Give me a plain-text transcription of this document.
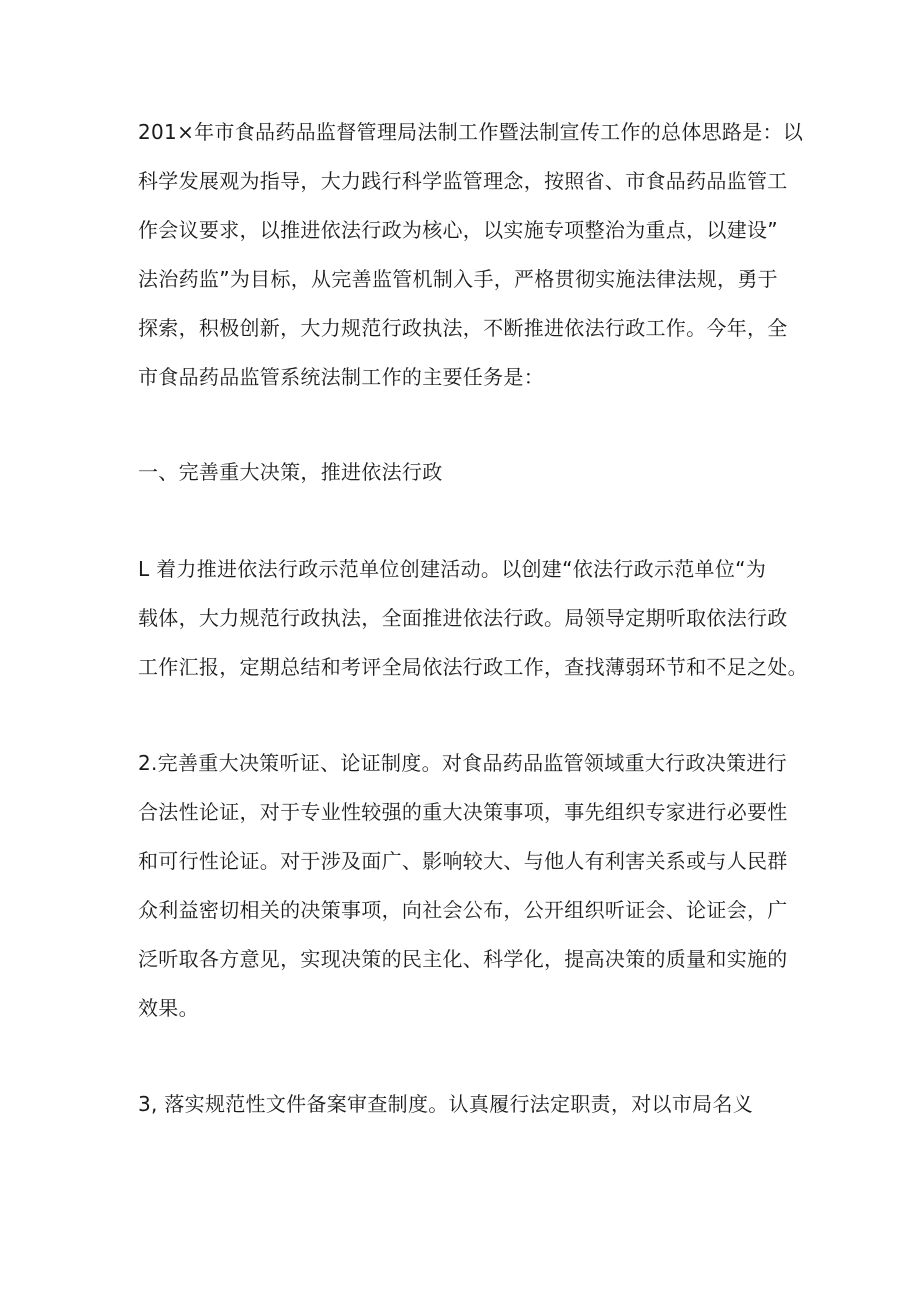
201×年市食品药品监督管理局法制工作暨法制宣传工作的总体思路是：以

科学发展观为指导，大力践行科学监管理念，按照省、市食品药品监管工

作会议要求，以推进依法行政为核心，以实施专项整治为重点，以建设”

法治药监”为目标，从完善监管机制入手，严格贯彻实施法律法规，勇于

探索，积极创新，大力规范行政执法，不断推进依法行政工作。今年，全

市食品药品监管系统法制工作的主要任务是：

一、完善重大决策，推进依法行政

L 着力推进依法行政示范单位创建活动。以创建“依法行政示范单位“为

载体，大力规范行政执法，全面推进依法行政。局领导定期听取依法行政

工作汇报，定期总结和考评全局依法行政工作，查找薄弱环节和不足之处。

2.完善重大决策听证、论证制度。对食品药品监管领域重大行政决策进行

合法性论证，对于专业性较强的重大决策事项，事先组织专家进行必要性

和可行性论证。对于涉及面广、影响较大、与他人有利害关系或与人民群

众利益密切相关的决策事项，向社会公布，公开组织听证会、论证会，广

泛听取各方意见，实现决策的民主化、科学化，提高决策的质量和实施的

效果。

3, 落实规范性文件备案审查制度。认真履行法定职责，对以市局名义
